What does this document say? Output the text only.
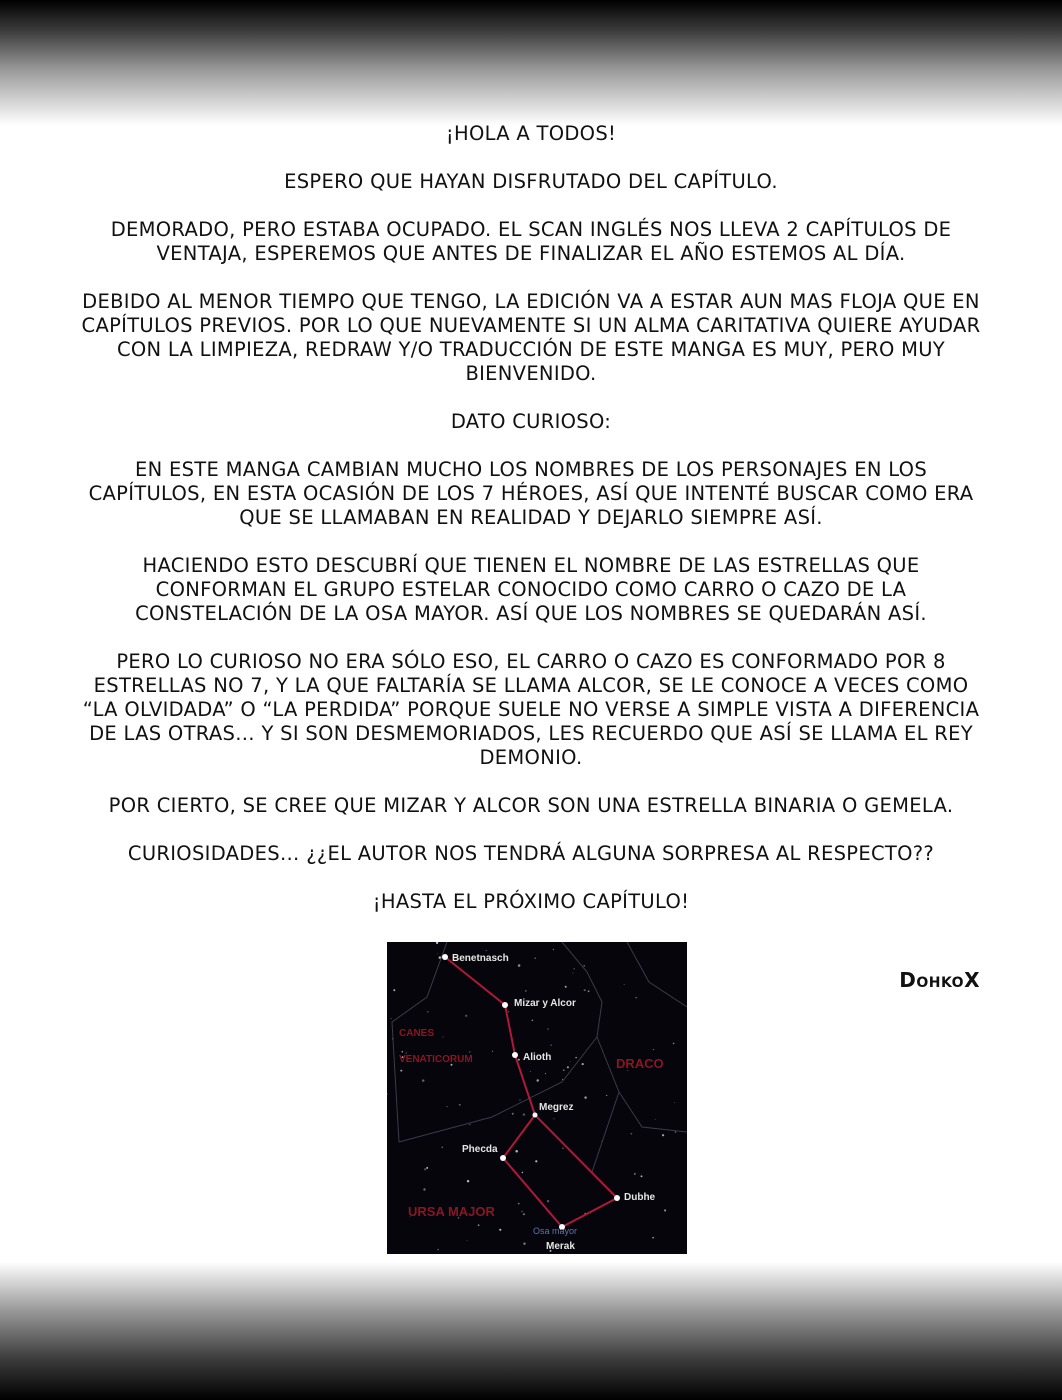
¡HOLA A TODOS!

ESPERO QUE HAYAN DISFRUTADO DEL CAPÍTULO.

DEMORADO, PERO ESTABA OCUPADO. EL SCAN INGLÉS NOS LLEVA 2 CAPÍTULOS DE VENTAJA, ESPEREMOS QUE ANTES DE FINALIZAR EL AÑO ESTEMOS AL DÍA.

DEBIDO AL MENOR TIEMPO QUE TENGO, LA EDICIÓN VA A ESTAR AUN MAS FLOJA QUE EN CAPÍTULOS PREVIOS. POR LO QUE NUEVAMENTE SI UN ALMA CARITATIVA QUIERE AYUDAR CON LA LIMPIEZA, REDRAW Y/O TRADUCCIÓN DE ESTE MANGA ES MUY, PERO MUY BIENVENIDO.

DATO CURIOSO:

EN ESTE MANGA CAMBIAN MUCHO LOS NOMBRES DE LOS PERSONAJES EN LOS CAPÍTULOS, EN ESTA OCASIÓN DE LOS 7 HÉROES, ASÍ QUE INTENTÉ BUSCAR COMO ERA QUE SE LLAMABAN EN REALIDAD Y DEJARLO SIEMPRE ASÍ.

HACIENDO ESTO DESCUBRÍ QUE TIENEN EL NOMBRE DE LAS ESTRELLAS QUE CONFORMAN EL GRUPO ESTELAR CONOCIDO COMO CARRO O CAZO DE LA CONSTELACIÓN DE LA OSA MAYOR. ASÍ QUE LOS NOMBRES SE QUEDARÁN ASÍ.

PERO LO CURIOSO NO ERA SÓLO ESO, EL CARRO O CAZO ES CONFORMADO POR 8 ESTRELLAS NO 7, Y LA QUE FALTARÍA SE LLAMA ALCOR, SE LE CONOCE A VECES COMO “LA OLVIDADA” O “LA PERDIDA” PORQUE SUELE NO VERSE A SIMPLE VISTA A DIFERENCIA DE LAS OTRAS… Y SI SON DESMEMORIADOS, LES RECUERDO QUE ASÍ SE LLAMA EL REY DEMONIO.

POR CIERTO, SE CREE QUE MIZAR Y ALCOR SON UNA ESTRELLA BINARIA O GEMELA.

CURIOSIDADES… ¿¿EL AUTOR NOS TENDRÁ ALGUNA SORPRESA AL RESPECTO??

¡HASTA EL PRÓXIMO CAPÍTULO!

DohkoX
Benetnasch
Mizar y Alcor
Alioth
Megrez
Phecda
Dubhe
Merak
CANES
VENATICORUM	DRACO
URSA MAJOR
Osa mayor
